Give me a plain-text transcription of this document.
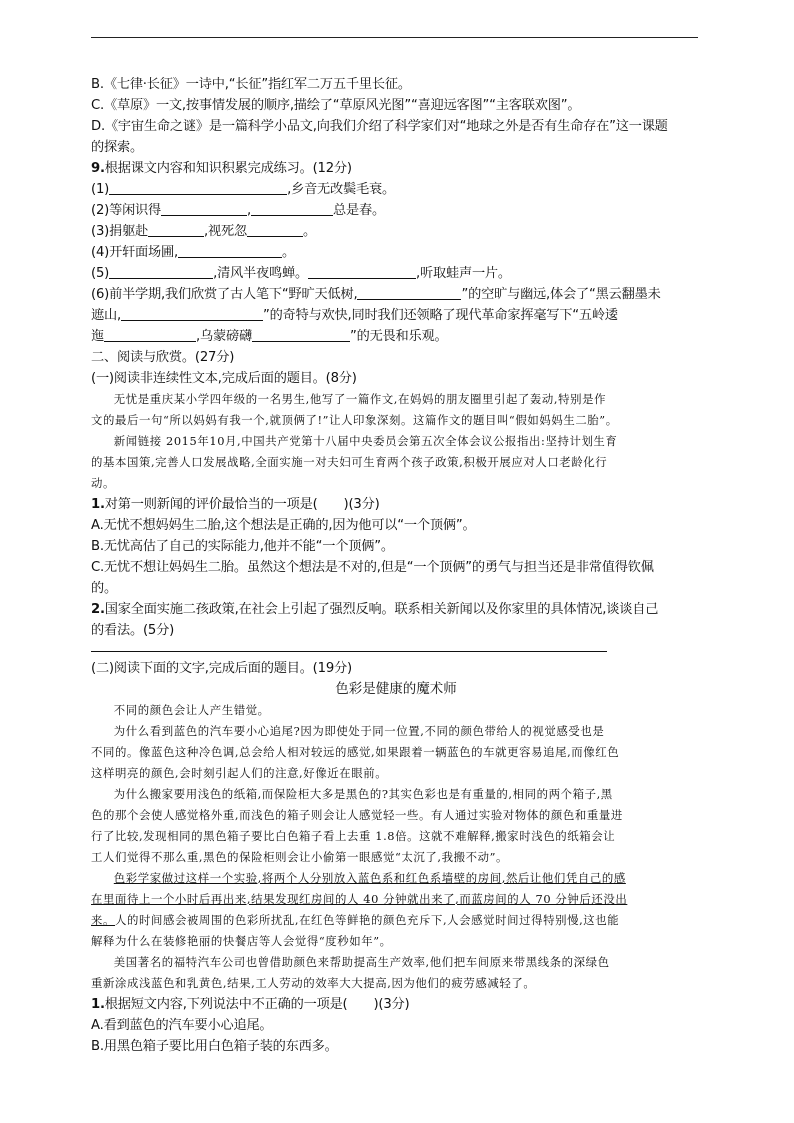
B.《七律·长征》一诗中,“长征”指红军二万五千里长征。
C.《草原》一文,按事情发展的顺序,描绘了“草原风光图”“喜迎远客图”“主客联欢图”。
D.《宇宙生命之谜》是一篇科学小品文,向我们介绍了科学家们对“地球之外是否有生命存在”这一课题
的探索。
9.根据课文内容和知识积累完成练习。(12分)
(1)	,乡音无改鬓毛衰。
(2)等闲识得	,	总是春。
(3)捐躯赴	,视死忽	。
(4)开轩面场圃,	。
(5)	,清风半夜鸣蝉。	,听取蛙声一片。
(6)前半学期,我们欣赏了古人笔下“野旷天低树,	”的空旷与幽远,体会了“黑云翻墨未
遮山,	”的奇特与欢快,同时我们还领略了现代革命家挥毫写下“五岭逶
迤	,乌蒙磅礴	”的无畏和乐观。
二、阅读与欣赏。(27分)
(一)阅读非连续性文本,完成后面的题目。(8分)
无忧是重庆某小学四年级的一名男生,他写了一篇作文,在妈妈的朋友圈里引起了轰动,特别是作
文的最后一句“所以妈妈有我一个,就顶俩了!”让人印象深刻。这篇作文的题目叫“假如妈妈生二胎”。
新闻链接 2015年10月,中国共产党第十八届中央委员会第五次全体会议公报指出:坚持计划生育
的基本国策,完善人口发展战略,全面实施一对夫妇可生育两个孩子政策,积极开展应对人口老龄化行
动。
1.对第一则新闻的评价最恰当的一项是(　　)(3分)
A.无忧不想妈妈生二胎,这个想法是正确的,因为他可以“一个顶俩”。
B.无忧高估了自己的实际能力,他并不能“一个顶俩”。
C.无忧不想让妈妈生二胎。虽然这个想法是不对的,但是“一个顶俩”的勇气与担当还是非常值得钦佩
的。
2.国家全面实施二孩政策,在社会上引起了强烈反响。联系相关新闻以及你家里的具体情况,谈谈自己
的看法。(5分)
(二)阅读下面的文字,完成后面的题目。(19分)
色彩是健康的魔术师
不同的颜色会让人产生错觉。
为什么看到蓝色的汽车要小心追尾?因为即使处于同一位置,不同的颜色带给人的视觉感受也是
不同的。像蓝色这种冷色调,总会给人相对较远的感觉,如果跟着一辆蓝色的车就更容易追尾,而像红色
这样明亮的颜色,会时刻引起人们的注意,好像近在眼前。
为什么搬家要用浅色的纸箱,而保险柜大多是黑色的?其实色彩也是有重量的,相同的两个箱子,黑
色的那个会使人感觉格外重,而浅色的箱子则会让人感觉轻一些。有人通过实验对物体的颜色和重量进
行了比较,发现相同的黑色箱子要比白色箱子看上去重 1.8倍。这就不难解释,搬家时浅色的纸箱会让
工人们觉得不那么重,黑色的保险柜则会让小偷第一眼感觉“太沉了,我搬不动”。
色彩学家做过这样一个实验,将两个人分别放入蓝色系和红色系墙壁的房间,然后让他们凭自己的感
在里面待上一个小时后再出来,结果发现红房间的人 40 分钟就出来了,而蓝房间的人 70 分钟后还没出
来。人的时间感会被周围的色彩所扰乱,在红色等鲜艳的颜色充斥下,人会感觉时间过得特别慢,这也能
解释为什么在装修艳丽的快餐店等人会觉得“度秒如年”。
美国著名的福特汽车公司也曾借助颜色来帮助提高生产效率,他们把车间原来带黑线条的深绿色
重新涂成浅蓝色和乳黄色,结果,工人劳动的效率大大提高,因为他们的疲劳感减轻了。
1.根据短文内容,下列说法中不正确的一项是(　　)(3分)
A.看到蓝色的汽车要小心追尾。
B.用黑色箱子要比用白色箱子装的东西多。
